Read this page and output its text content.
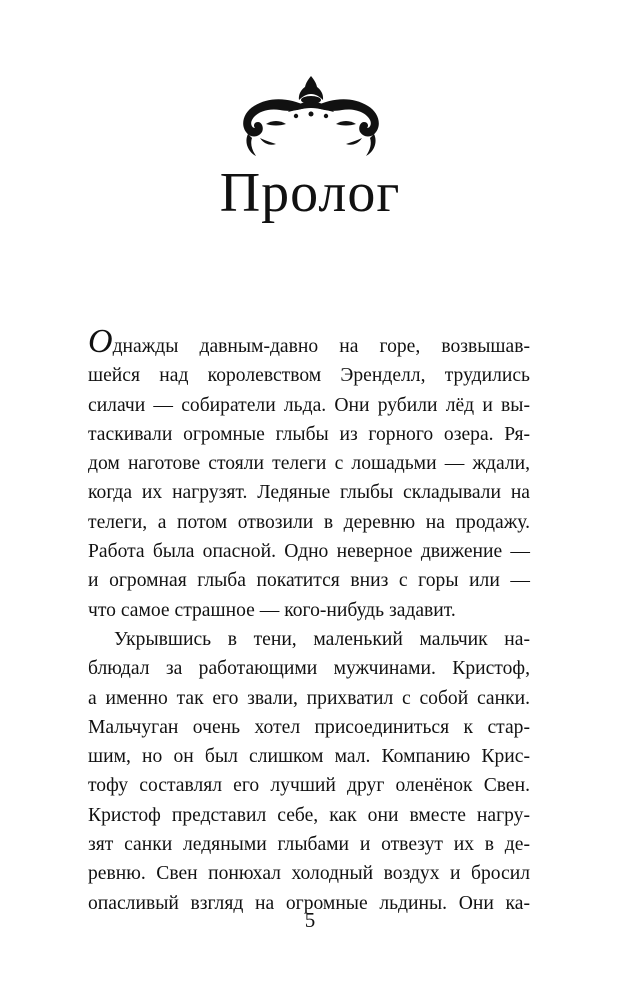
Пролог
Однажды давным-давно на горе, возвышав-
шейся над королевством Эренделл, трудились
силачи — собиратели льда. Они рубили лёд и вы-
таскивали огромные глыбы из горного озера. Ря-
дом наготове стояли телеги с лошадьми — ждали,
когда их нагрузят. Ледяные глыбы складывали на
телеги, а потом отвозили в деревню на продажу.
Работа была опасной. Одно неверное движение —
и огромная глыба покатится вниз с горы или —
что самое страшное — кого-нибудь задавит.
Укрывшись в тени, маленький мальчик на-
блюдал за работающими мужчинами. Кристоф,
а именно так его звали, прихватил с собой санки.
Мальчуган очень хотел присоединиться к стар-
шим, но он был слишком мал. Компанию Крис-
тофу составлял его лучший друг оленёнок Свен.
Кристоф представил себе, как они вместе нагру-
зят санки ледяными глыбами и отвезут их в де-
ревню. Свен понюхал холодный воздух и бросил
опасливый взгляд на огромные льдины. Они ка-
5
